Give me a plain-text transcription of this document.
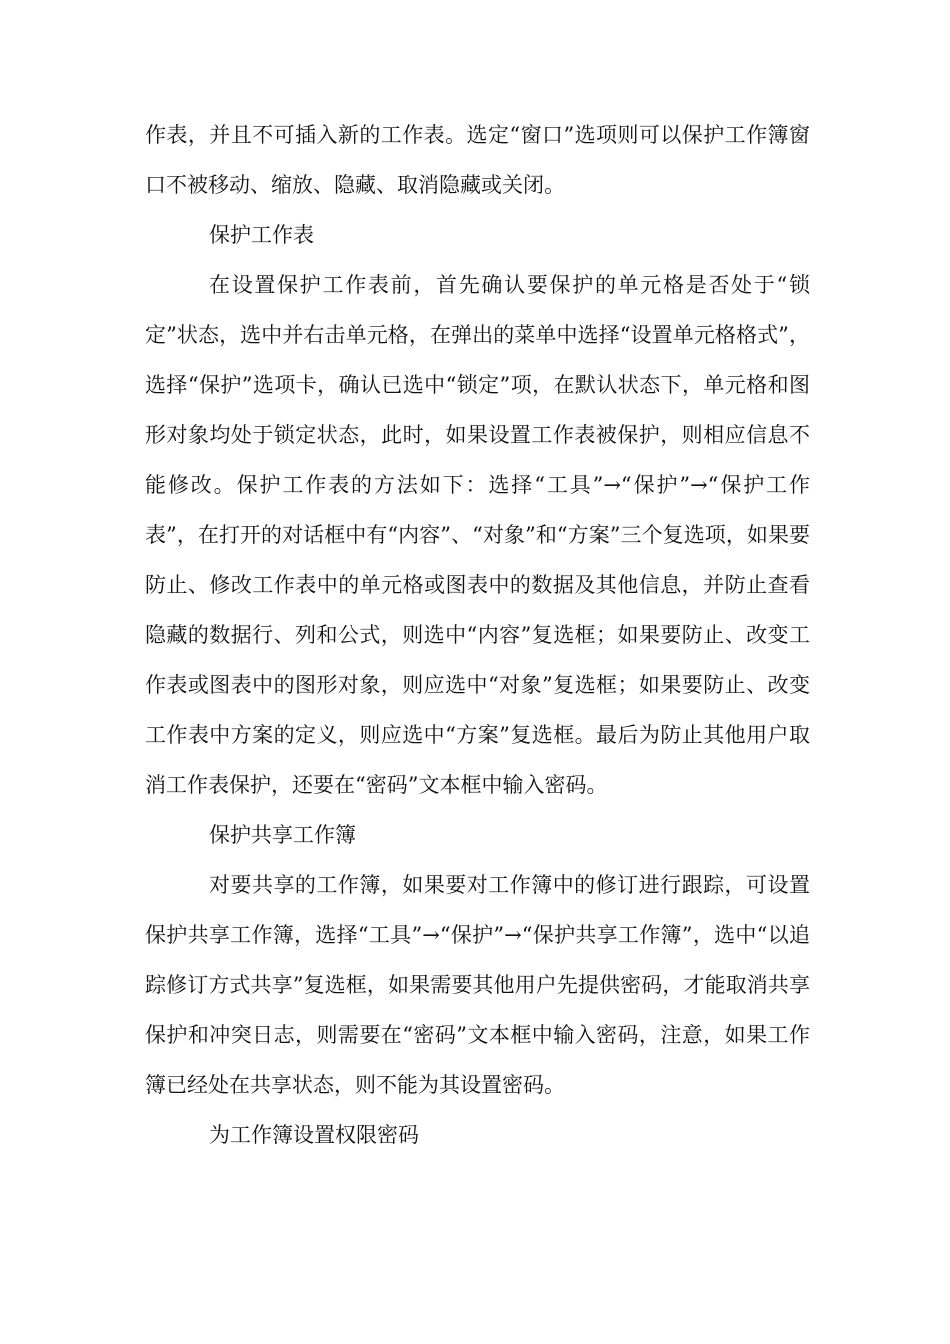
作表，并且不可插入新的工作表。选定“窗口”选项则可以保护工作簿窗口不被移动、缩放、隐藏、取消隐藏或关闭。

保护工作表

在设置保护工作表前，首先确认要保护的单元格是否处于“锁定”状态，选中并右击单元格，在弹出的菜单中选择“设置单元格格式”，选择“保护”选项卡，确认已选中“锁定”项，在默认状态下，单元格和图形对象均处于锁定状态，此时，如果设置工作表被保护，则相应信息不能修改。保护工作表的方法如下：选择“工具”→“保护”→“保护工作表”，在打开的对话框中有“内容”、“对象”和“方案”三个复选项，如果要防止、修改工作表中的单元格或图表中的数据及其他信息，并防止查看隐藏的数据行、列和公式，则选中“内容”复选框；如果要防止、改变工作表或图表中的图形对象，则应选中“对象”复选框；如果要防止、改变工作表中方案的定义，则应选中“方案”复选框。最后为防止其他用户取消工作表保护，还要在“密码”文本框中输入密码。

保护共享工作簿

对要共享的工作簿，如果要对工作簿中的修订进行跟踪，可设置保护共享工作簿，选择“工具”→“保护”→“保护共享工作簿”，选中“以追踪修订方式共享”复选框，如果需要其他用户先提供密码，才能取消共享保护和冲突日志，则需要在“密码”文本框中输入密码，注意，如果工作簿已经处在共享状态，则不能为其设置密码。

为工作簿设置权限密码
